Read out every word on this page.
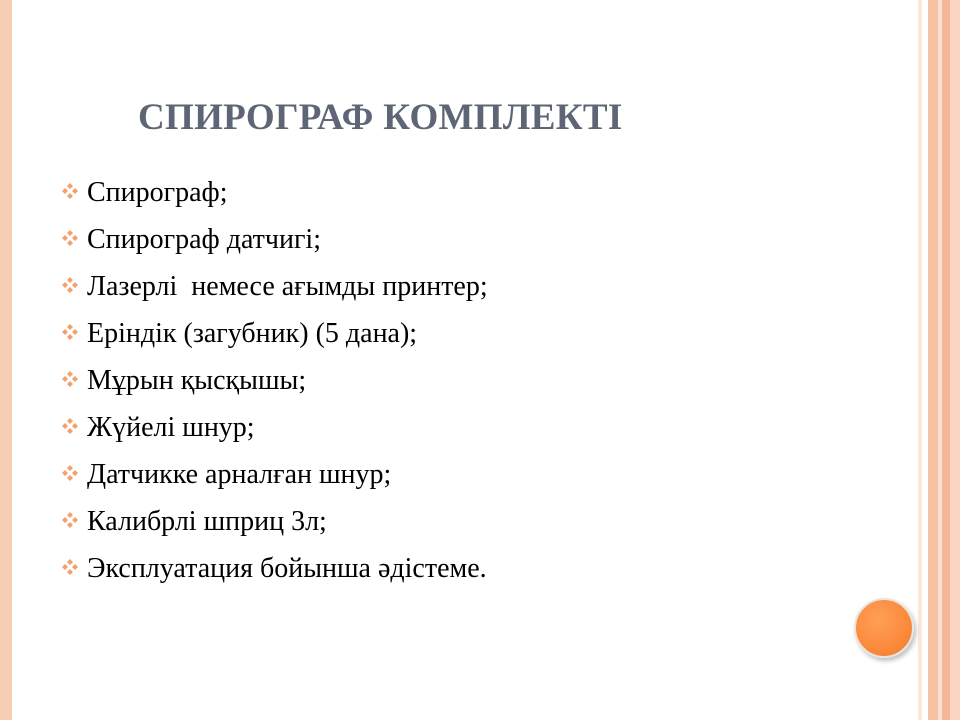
СПИРОГРАФ КОМПЛЕКТІ
Спирограф;
Спирограф датчигі;
Лазерлі  немесе ағымды принтер;
Еріндік (загубник) (5 дана);
Мұрын қысқышы;
Жүйелі шнур;
Датчикке арналған шнур;
Калибрлі шприц 3л;
Эксплуатация бойынша әдістеме.
